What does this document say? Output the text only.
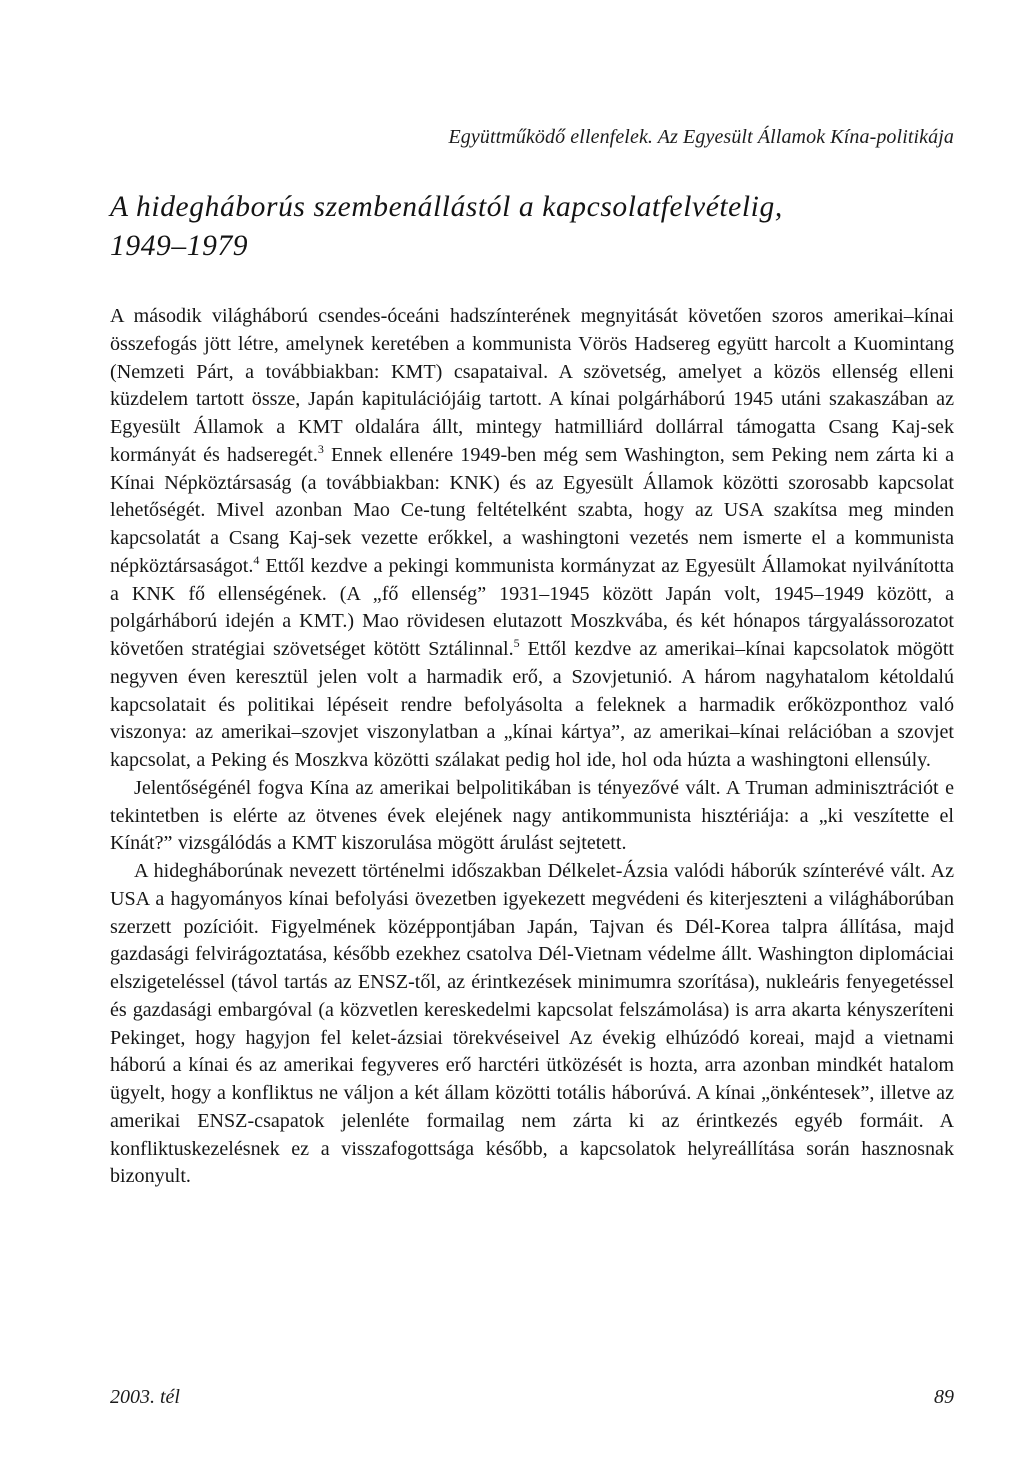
Együttműködő ellenfelek. Az Egyesült Államok Kína-politikája
A hidegháborús szembenállástól a kapcsolatfelvételig,
1949–1979

A második világháború csendes-óceáni hadszínterének megnyitását követően szoros amerikai–kínai összefogás jött létre, amelynek keretében a kommunista Vörös Hadsereg együtt harcolt a Kuomintang (Nemzeti Párt, a továbbiakban: KMT) csapataival. A szövetség, amelyet a közös ellenség elleni küzdelem tartott össze, Japán kapitulációjáig tartott. A kínai polgárháború 1945 utáni szakaszában az Egyesült Államok a KMT oldalára állt, mintegy hatmilliárd dollárral támogatta Csang Kaj-sek kormányát és hadseregét.$^3$ Ennek ellenére 1949-ben még sem Washington, sem Peking nem zárta ki a Kínai Népköztársaság (a továbbiakban: KNK) és az Egyesült Államok közötti szorosabb kapcsolat lehetőségét. Mivel azonban Mao Ce-tung feltételként szabta, hogy az USA szakítsa meg minden kapcsolatát a Csang Kaj-sek vezette erőkkel, a washingtoni vezetés nem ismerte el a kommunista népköztársaságot.$^4$ Ettől kezdve a pekingi kommunista kormányzat az Egyesült Államokat nyilvánította a KNK fő ellenségének. (A „fő ellenség” 1931–1945 között Japán volt, 1945–1949 között, a polgárháború idején a KMT.) Mao rövidesen elutazott Moszkvába, és két hónapos tárgyalássorozatot követően stratégiai szövetséget kötött Sztálinnal.$^5$ Ettől kezdve az amerikai–kínai kapcsolatok mögött negyven éven keresztül jelen volt a harmadik erő, a Szovjetunió. A három nagyhatalom kétoldalú kapcsolatait és politikai lépéseit rendre befolyásolta a feleknek a harmadik erőközponthoz való viszonya: az amerikai–szovjet viszonylatban a „kínai kártya”, az amerikai–kínai relációban a szovjet kapcsolat, a Peking és Moszkva közötti szálakat pedig hol ide, hol oda húzta a washingtoni ellensúly.

Jelentőségénél fogva Kína az amerikai belpolitikában is tényezővé vált. A Truman adminisztrációt e tekintetben is elérte az ötvenes évek elejének nagy antikommunista hisztériája: a „ki veszítette el Kínát?” vizsgálódás a KMT kiszorulása mögött árulást sejtetett.

A hidegháborúnak nevezett történelmi időszakban Délkelet-Ázsia valódi háborúk színterévé vált. Az USA a hagyományos kínai befolyási övezetben igyekezett megvédeni és kiterjeszteni a világháborúban szerzett pozícióit. Figyelmének középpontjában Japán, Tajvan és Dél-Korea talpra állítása, majd gazdasági felvirágoztatása, később ezekhez csatolva Dél-Vietnam védelme állt. Washington diplomáciai elszigeteléssel (távol tartás az ENSZ-től, az érintkezések minimumra szorítása), nukleáris fenyegetéssel és gazdasági embargóval (a közvetlen kereskedelmi kapcsolat felszámolása) is arra akarta kényszeríteni Pekinget, hogy hagyjon fel kelet-ázsiai törekvéseivel Az évekig elhúzódó koreai, majd a vietnami háború a kínai és az amerikai fegyveres erő harctéri ütközését is hozta, arra azonban mindkét hatalom ügyelt, hogy a konfliktus ne váljon a két állam közötti totális háborúvá. A kínai „önkéntesek”, illetve az amerikai ENSZ-csapatok jelenléte formailag nem zárta ki az érintkezés egyéb formáit. A konfliktuskezelésnek ez a visszafogottsága később, a kapcsolatok helyreállítása során hasznosnak bizonyult.

2003. tél	89
